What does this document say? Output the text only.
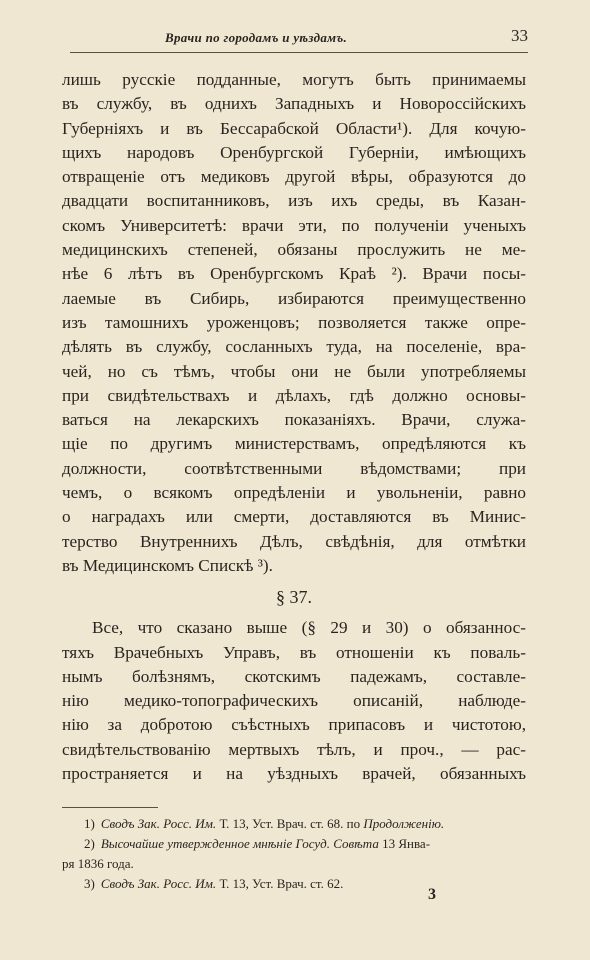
Врачи по городамъ и уѣздамъ.	33
лишь русскіе подданные, могутъ быть принимаемы
въ службу, въ однихъ Западныхъ и Новороссійскихъ
Губерніяхъ и въ Бессарабской Области¹). Для кочую-
щихъ народовъ Оренбургской Губерніи, имѣющихъ
отвращеніе отъ медиковъ другой вѣры, образуются до
двадцати воспитанниковъ, изъ ихъ среды, въ Казан-
скомъ Университетѣ: врачи эти, по полученіи ученыхъ
медицинскихъ степеней, обязаны прослужить не ме-
нѣе 6 лѣтъ въ Оренбургскомъ Краѣ ²). Врачи посы-
лаемые въ Сибирь, избираются преимущественно
изъ тамошнихъ уроженцовъ; позволяется также опре-
дѣлять въ службу, сосланныхъ туда, на поселеніе, вра-
чей, но съ тѣмъ, чтобы они не были употребляемы
при свидѣтельствахъ и дѣлахъ, гдѣ должно основы-
ваться на лекарскихъ показаніяхъ. Врачи, служа-
щіе по другимъ министерствамъ, опредѣляются къ
должности, соотвѣтственными вѣдомствами; при
чемъ, о всякомъ опредѣленіи и увольненіи, равно
о наградахъ или смерти, доставляются въ Минис-
терство Внутреннихъ Дѣлъ, свѣдѣнія, для отмѣтки
въ Медицинскомъ Спискѣ ³).
§ 37.
Все, что сказано выше (§ 29 и 30) о обязаннос-
тяхъ Врачебныхъ Управъ, въ отношеніи къ поваль-
нымъ болѣзнямъ, скотскимъ падежамъ, составле-
нію медико-топографическихъ описаній, наблюде-
нію за добротою съѣстныхъ припасовъ и чистотою,
свидѣтельствованію мертвыхъ тѣлъ, и проч., — рас-
пространяется и на уѣздныхъ врачей, обязанныхъ
1) Сводъ Зак. Росс. Им. Т. 13, Уст. Врач. ст. 68. по Продолженію.
2) Высочайше утвержденное мнѣніе Госуд. Совѣта 13 Янва-
ря 1836 года.
3) Сводъ Зак. Росс. Им. Т. 13, Уст. Врач. ст. 62.
3
